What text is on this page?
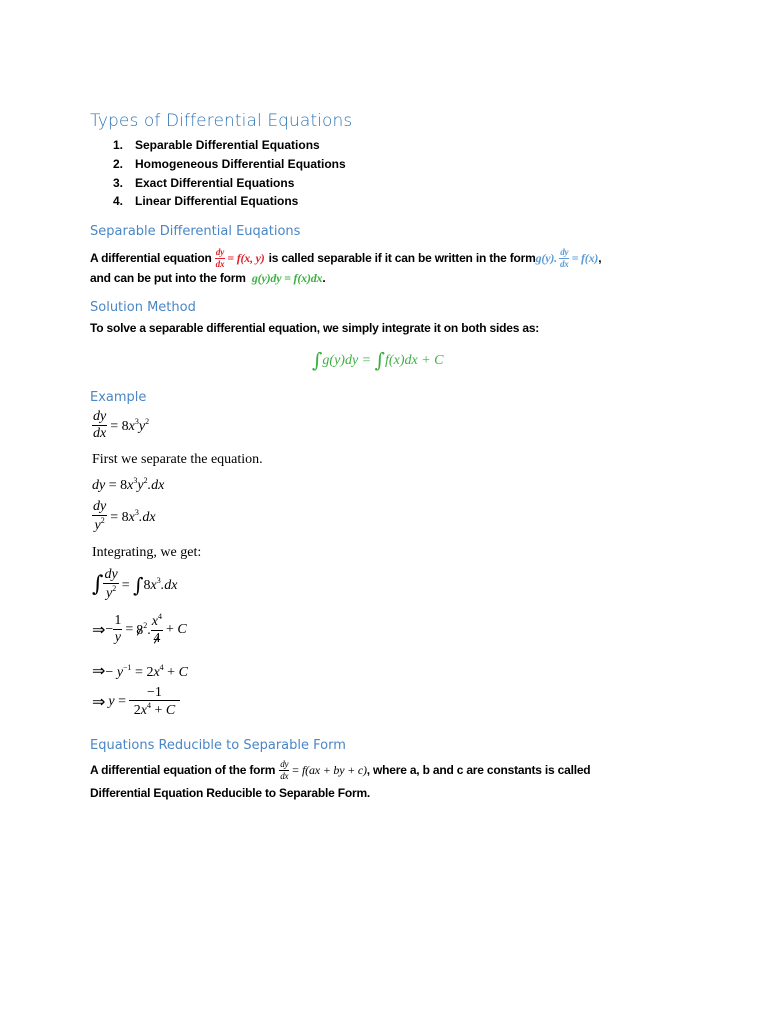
Types of Differential Equations
1. Separable Differential Equations
2. Homogeneous Differential Equations
3. Exact Differential Equations
4. Linear Differential Equations
Separable Differential Euqations
A differential equation $\frac{dy}{dx} = f(x$, y) is called separable if it can be written in the form g(y). $\frac{dy}{dx} = f(x)$ ,
and can be put into the form g(y)dy = f(x)dx.
Solution Method
To solve a separable differential equation, we simply integrate it on both sides as:
∫g(y)dy = ∫f(x)dx + C
Example
$\frac{dy}{dx} = 8x^3y^2$
First we separate the equation.
dy = $8x^3y^2.dx$
$\frac{dy}{y^2} = 8x^3.dx$
Integrating, we get:
∫ $\frac{dy}{y^2} = \int 8x^3.dx$
⇒ − $\frac{1}{y} = 8^2$. $\frac{x^4}{4} + C$
⇒− $y^{-1} = 2x^4 + C$
⇒ $y = \frac{-1}{2x^4 + C}$
Equations Reducible to Separable Form
A differential equation of the form $\frac{dy}{dx} = f(ax$ + by + c) , where a, b and c are constants is called
Differential Equation Reducible to Separable Form.
